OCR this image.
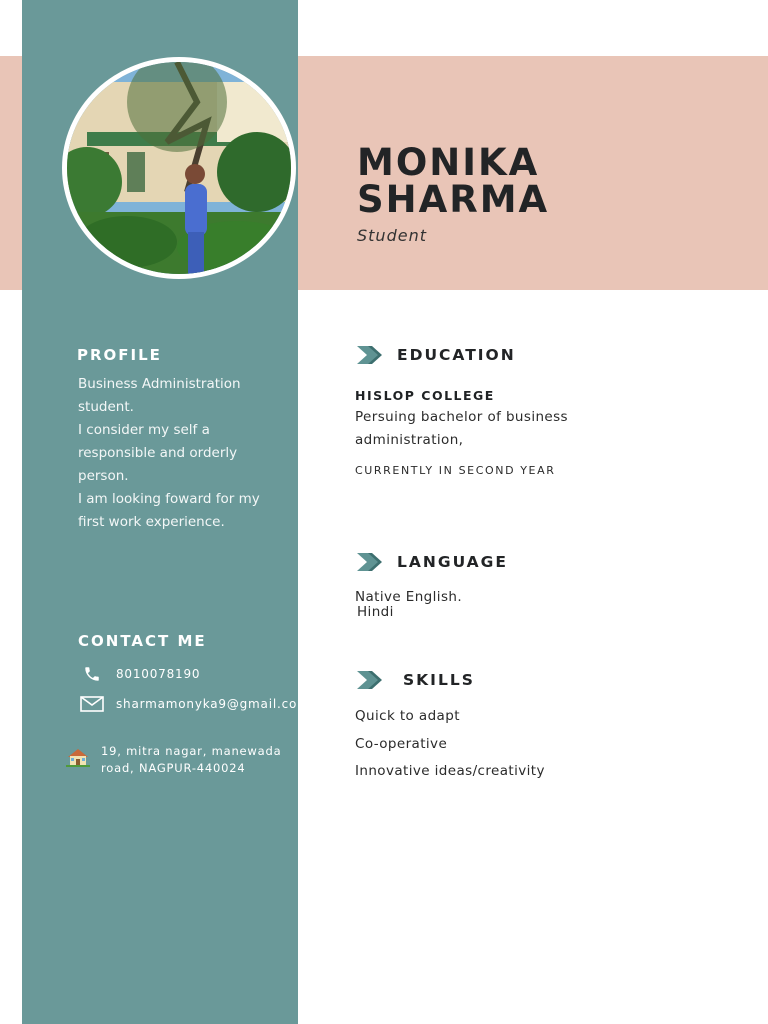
MONIKA
SHARMA
Student
PROFILE
Business Administration
student.
I consider my self a
responsible and orderly
person.
I am looking foward for my
first work experience.
CONTACT ME
8010078190
sharmamonyka9@gmail.com
19, mitra nagar, manewada
road, NAGPUR-440024
EDUCATION
HISLOP COLLEGE
Persuing bachelor of business
administration,
CURRENTLY IN SECOND YEAR
LANGUAGE
Native English.
Hindi
SKILLS
Quick to adapt
Co-operative
Innovative ideas/creativity
